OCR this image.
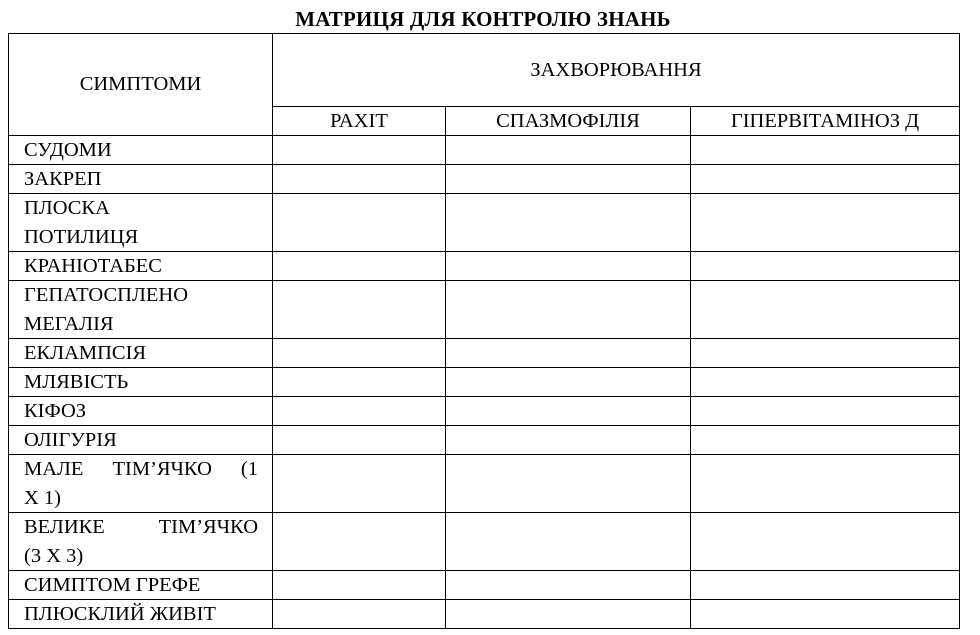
МАТРИЦЯ ДЛЯ КОНТРОЛЮ ЗНАНЬ
СИМПТОМИ	ЗАХВОРЮВАННЯ		
	РАХІТ	СПАЗМОФІЛІЯ	ГІПЕРВІТАМІНОЗ Д

СУДОМИ			

ЗАКРЕП			

ПЛОСКА
ПОТИЛИЦЯ			

КРАНІОТАБЕС			

ГЕПАТОСПЛЕНО
МЕГАЛІЯ			

ЕКЛАМПСІЯ			

МЛЯВІСТЬ			

КІФОЗ			

ОЛІГУРІЯ			

МАЛЕ ТІМ’ЯЧКО (1
Х 1)			

ВЕЛИКЕ ТІМ’ЯЧКО
(3 Х 3)			

СИМПТОМ ГРЕФЕ			

ПЛЮСКЛИЙ ЖИВІТ			
